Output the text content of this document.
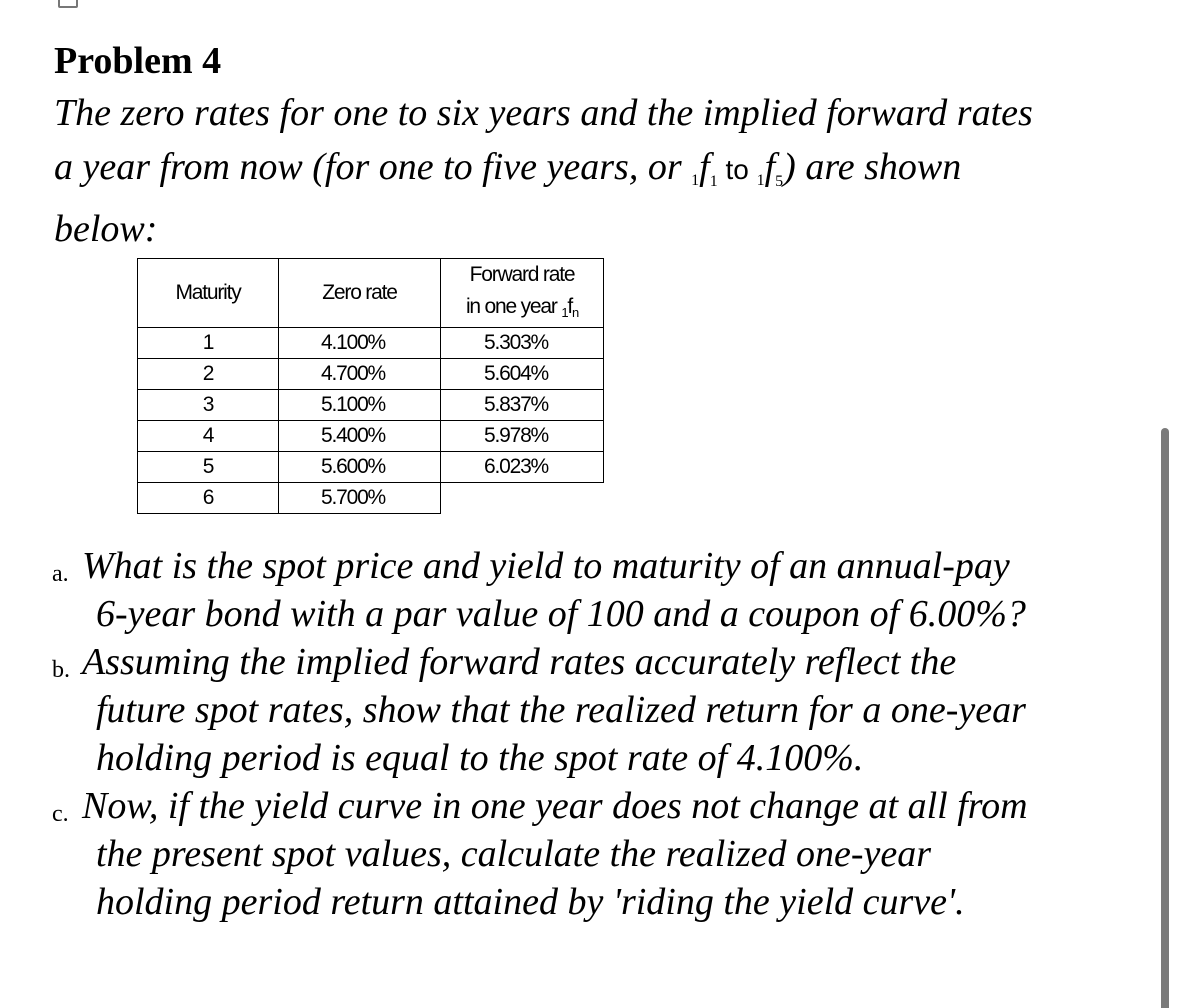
Problem 4

The zero rates for one to six years and the implied forward rates
a year from now (for one to five years, or 1f1 to 1f5) are shown
below:

Maturity	Zero rate	Forward rate
in one year 1fn

1	4.100%	5.303%
2	4.700%	5.604%
3	5.100%	5.837%
4	5.400%	5.978%
5	5.600%	6.023%
6	5.700%	
a. What is the spot price and yield to maturity of an annual-pay
6-year bond with a par value of 100 and a coupon of 6.00%?
b. Assuming the implied forward rates accurately reflect the
future spot rates, show that the realized return for a one-year
holding period is equal to the spot rate of 4.100%.
c. Now, if the yield curve in one year does not change at all from
the present spot values, calculate the realized one-year
holding period return attained by 'riding the yield curve'.
